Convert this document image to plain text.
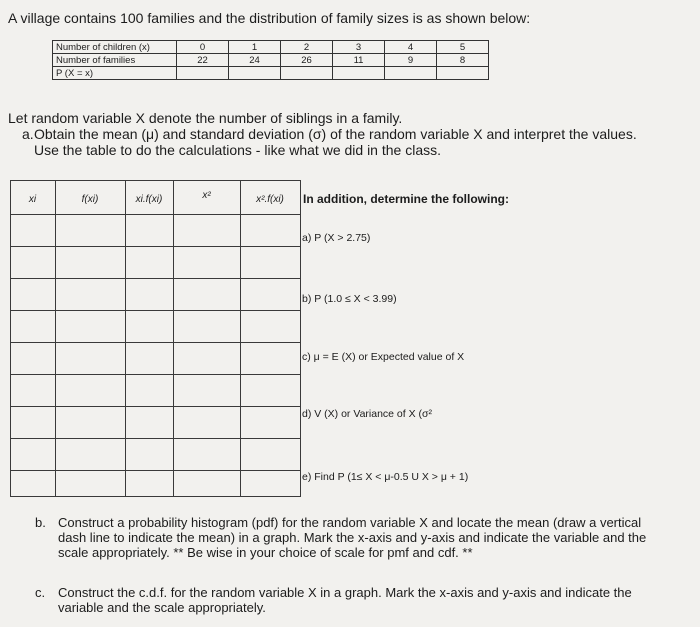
A village contains 100 families and the distribution of family sizes is as shown below:
Number of children (x)	0	1	2	3	4	5
Number of families	22	24	26	11	9	8
P (X = x)						
Let random variable X denote the number of siblings in a family.
a. Obtain the mean (μ) and standard deviation (σ) of the random variable X and interpret the values. Use the table to do the calculations - like what we did in the class.
xi	f(xi)	xi.f(xi)	x²	x².f(xi)	In addition, determine the following:
a) P (X > 2.75)
b) P (1.0 ≤ X < 3.99)
c) μ = E (X) or Expected value of X
d) V (X) or Variance of X (σ²
e) Find P (1≤ X < μ-0.5 U X > μ + 1)
b. Construct a probability histogram (pdf) for the random variable X and locate the mean (draw a vertical dash line to indicate the mean) in a graph. Mark the x-axis and y-axis and indicate the variable and the scale appropriately. ** Be wise in your choice of scale for pmf and cdf. **
c. Construct the c.d.f. for the random variable X in a graph. Mark the x-axis and y-axis and indicate the variable and the scale appropriately.
